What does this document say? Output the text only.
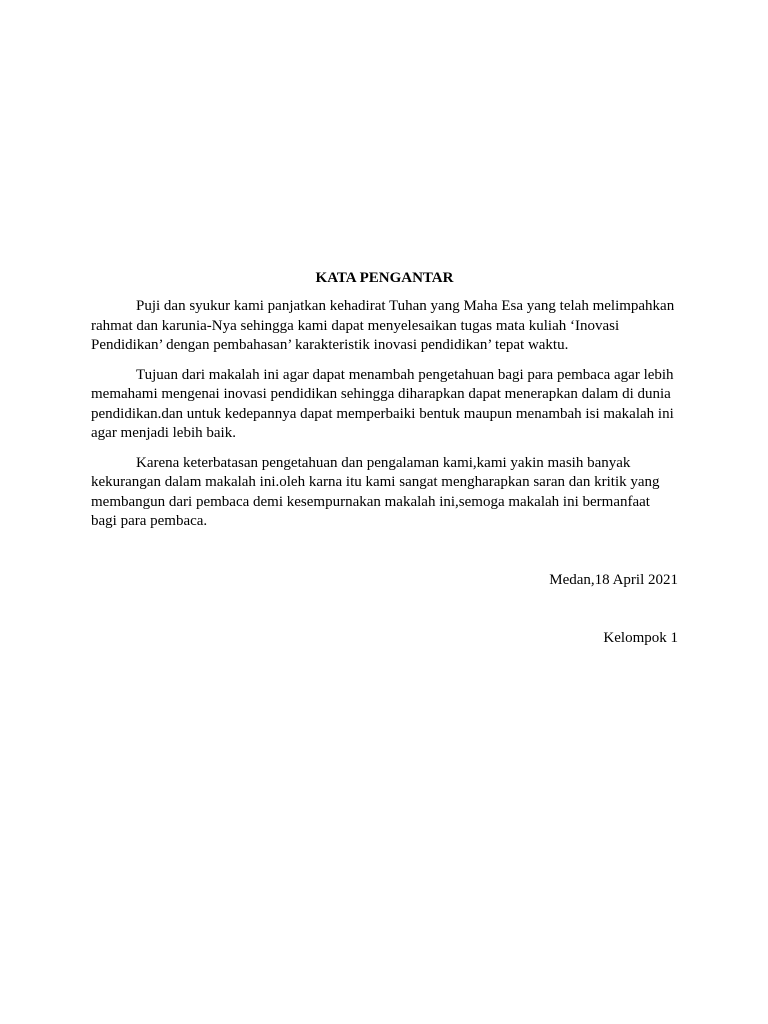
KATA PENGANTAR

Puji dan syukur kami panjatkan kehadirat Tuhan yang Maha Esa yang telah melimpahkan rahmat dan karunia-Nya sehingga kami dapat menyelesaikan tugas mata kuliah ‘Inovasi Pendidikan’ dengan pembahasan’ karakteristik inovasi pendidikan’ tepat waktu.

Tujuan dari makalah ini agar dapat menambah pengetahuan bagi para pembaca agar lebih memahami mengenai inovasi pendidikan sehingga diharapkan dapat menerapkan dalam di dunia pendidikan.dan untuk kedepannya dapat memperbaiki bentuk maupun menambah isi makalah ini agar menjadi lebih baik.

Karena keterbatasan pengetahuan dan pengalaman kami,kami yakin masih banyak kekurangan dalam makalah ini.oleh karna itu kami sangat mengharapkan saran dan kritik yang membangun dari pembaca demi kesempurnakan makalah ini,semoga makalah ini bermanfaat bagi para pembaca.

Medan,18 April 2021

Kelompok 1
